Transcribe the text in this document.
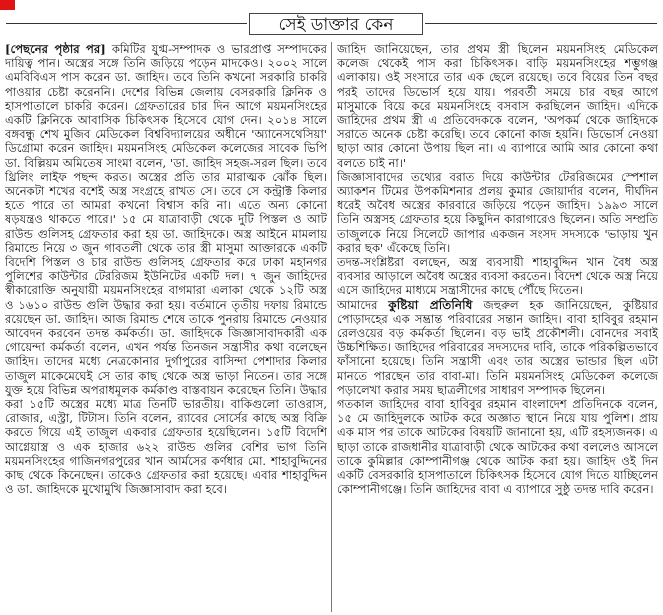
সেই ডাক্তার কেন

[পেছনের পৃষ্ঠার পর] কমিটির যুগ্ম-সম্পাদক ও ভারপ্রাপ্ত সম্পাদকের দায়িত্ব পান। অস্ত্রের সঙ্গে তিনি জড়িয়ে পড়েন মাদকেও। ২০০২ সালে এমবিবিএস পাস করেন ডা. জাহিদ। তবে তিনি কখনো সরকারি চাকরি পাওয়ার চেষ্টা করেননি। দেশের বিভিন্ন জেলায় বেসরকারি ক্লিনিক ও হাসপাতালে চাকরি করেন। গ্রেফতারের চার দিন আগে ময়মনসিংহের একটি ক্লিনিকে আবাসিক চিকিৎসক হিসেবে যোগ দেন। ২০১৪ সালে বঙ্গবন্ধু শেখ মুজিব মেডিকেল বিশ্ববিদ্যালয়ের অধীনে 'অ্যানেসথেসিয়া' ডিগ্রোমা করেন জাহিদ। ময়মনসিংহ মেডিকেল কলেজের সাবেক ভিপি ডা. বিল্লিয়ম অমিতেষ সাংমা বলেন, 'ডা. জাহিদ সহজ-সরল ছিল। তবে থ্রিলিং লাইফ পছন্দ করত। অস্ত্রের প্রতি তার মারাত্মক ঝোঁক ছিল। অনেকটা শখের বশেই অস্ত্র সংগ্রহে রাখত সে। তবে সে কন্ট্রাক্ট কিলার হতে পারে তা আমরা কখনো বিশ্বাস করি না। এতে অন্য কোনো ষড়যন্ত্রও থাকতে পারে।' ১৫ মে যাত্রাবাড়ী থেকে দুটি পিস্তল ও আট রাউন্ড গুলিসহ গ্রেফতার করা হয় ডা. জাহিদকে। অস্ত্র আইনে মামলায় রিমান্ডে নিয়ে ৩ জুন গাবতলী থেকে তার স্ত্রী মাসুমা আক্তারকে একটি বিদেশি পিস্তল ও চার রাউন্ড গুলিসহ গ্রেফতার করে ঢাকা মহানগর পুলিশের কাউন্টার টেররিজম ইউনিটের একটি দল। ৭ জুন জাহিদের স্বীকারোক্তি অনুযায়ী ময়মনসিংহের বাগমারা এলাকা থেকে ১২টি অস্ত্র ও ১৬১০ রাউন্ড গুলি উদ্ধার করা হয়। বর্তমানে তৃতীয় দফায় রিমান্ডে রয়েছেন ডা. জাহিদ। আজ রিমান্ড শেষে তাকে পুনরায় রিমান্ডে নেওয়ার আবেদন করবেন তদন্ত কর্মকর্তা। ডা. জাহিদকে জিজ্ঞাসাবাদকারী এক গোয়েন্দা কর্মকর্তা বলেন, এখন পর্যন্ত তিনজন সন্ত্রাসীর কথা বলেছেন জাহিদ। তাদের মধ্যে নেত্রকোনার দুর্গাপুরের বাসিন্দা পেশাদার কিলার তাজুল মাকেমেঘেই সে তার কাছ থেকে অস্ত্র ভাড়া নিতেন। তার সঙ্গে যুক্ত হয়ে বিভিন্ন অপরাধমূলক কর্মকাণ্ড বাস্তবায়ন করেছেন তিনি। উদ্ধার করা ১৫টি অস্ত্রের মধ্যে মাত্র তিনটি ভারতীয়। বাকিগুলো তাওরাস, রোজার, এস্ট্রা, টিটাস। তিনি বলেন, র‍্যাবের সোর্সের কাছে অস্ত্র বিক্রি করতে গিয়ে এই তাজুল একবার গ্রেফতার হয়েছিলেন। ১৫টি বিদেশি আগ্নেয়াস্ত্র ও এক হাজার ৬২২ রাউন্ড গুলির বেশির ভাগ তিনি ময়মনসিংহের গাজিনগরপুরের খান আর্মসের কর্ণধার মো. শাহাবুদ্দিনের কাছ থেকে কিনেছেন। তাকেও গ্রেফতার করা হয়েছে। এবার শাহাবুদ্দিন ও ডা. জাহিদকে মুখোমুখি জিজ্ঞাসাবাদ করা হবে।

জাহিদ জানিয়েছেন, তার প্রথম স্ত্রী ছিলেন ময়মনসিংহ মেডিকেল কলেজ থেকেই পাস করা চিকিৎসক। বাড়ি ময়মনসিংহের শম্ভুগঞ্জ এলাকায়। ওই সংসারে তার এক ছেলে রয়েছে। তবে বিয়ের তিন বছর পরই তাদের ডিভোর্স হয়ে যায়। পরবর্তী সময়ে চার বছর আগে মাসুমাকে বিয়ে করে ময়মনসিংহে বসবাস করছিলেন জাহিদ। এদিকে জাহিদের প্রথম স্ত্রী এ প্রতিবেদককে বলেন, 'অপকর্ম থেকে জাহিদকে সরাতে অনেক চেষ্টা করেছি। তবে কোনো কাজ হয়নি। ডিভোর্স নেওয়া ছাড়া আর কোনো উপায় ছিল না। এ ব্যাপারে আমি আর কোনো কথা বলতে চাই না।'

জিজ্ঞাসাবাদের তথ্যের বরাত দিয়ে কাউন্টার টেররিজমের স্পেশাল অ্যাকশন টিমের উপকমিশনার প্রলয় কুমার জোয়ার্দার বলেন, দীর্ঘদিন ধরেই অবৈধ অস্ত্রের কারবারে জড়িয়ে পড়েন জাহিদ। ১৯৯৩ সালে তিনি অস্ত্রসহ গ্রেফতার হয়ে কিছুদিন কারাগারেও ছিলেন। অতি সম্প্রতি তাজুলকে নিয়ে সিলেটে জাপার একজন সংসদ সদস্যকে 'ভাড়ায় খুন করার ছক' এঁকেছে তিনি।

তদন্ত-সংশ্লিষ্টরা বলছেন, অস্ত্র ব্যবসায়ী শাহাবুদ্দিন খান বৈধ অস্ত্র ব্যবসার আড়ালে অবৈধ অস্ত্রের ব্যবসা করতেন। বিদেশ থেকে অস্ত্র নিয়ে এসে জাহিদের মাধ্যমে সন্ত্রাসীদের কাছে পৌঁছে দিতেন।

আমাদের কুষ্টিয়া প্রতিনিধি জহুরুল হক জানিয়েছেন, কুষ্টিয়ার পোড়াদহের এক সম্ভ্রান্ত পরিবারের সন্তান জাহিদ। বাবা হাবিবুর রহমান রেলওয়ের বড় কর্মকর্তা ছিলেন। বড় ভাই প্রকৌশলী। বোনদের সবাই উচ্চশিক্ষিত। জাহিদের পরিবারের সদস্যদের দাবি, তাকে পরিকল্পিতভাবে ফাঁসানো হয়েছে। তিনি সন্ত্রাসী এবং তার অস্ত্রের ভান্ডার ছিল এটা মানতে পারছেন তার বাবা-মা। তিনি ময়মনসিংহ মেডিকেল কলেজে পড়ালেখা করার সময় ছাত্রলীগের সাধারণ সম্পাদক ছিলেন।

গতকাল জাহিদের বাবা হাবিবুর রহমান বাংলাদেশ প্রতিদিনকে বলেন, ১৫ মে জাহিদুলকে আটক করে অজ্ঞাত স্থানে নিয়ে যায় পুলিশ। প্রায় এক মাস পর তাকে আটকের বিষয়টি জানানো হয়, এটি রহস্যজনক। এ ছাড়া তাকে রাজধানীর যাত্রাবাড়ী থেকে আটকের কথা বললেও আসলে তাকে কুমিল্লার কোম্পানীগঞ্জ থেকে আটক করা হয়। জাহিদ ওই দিন একটি বেসরকারি হাসপাতালে চিকিৎসক হিসেবে যোগ দিতে যাচ্ছিলেন কোম্পানীগঞ্জে। তিনি জাহিদের বাবা এ ব্যাপারে সুষ্ঠু তদন্ত দাবি করেন।
